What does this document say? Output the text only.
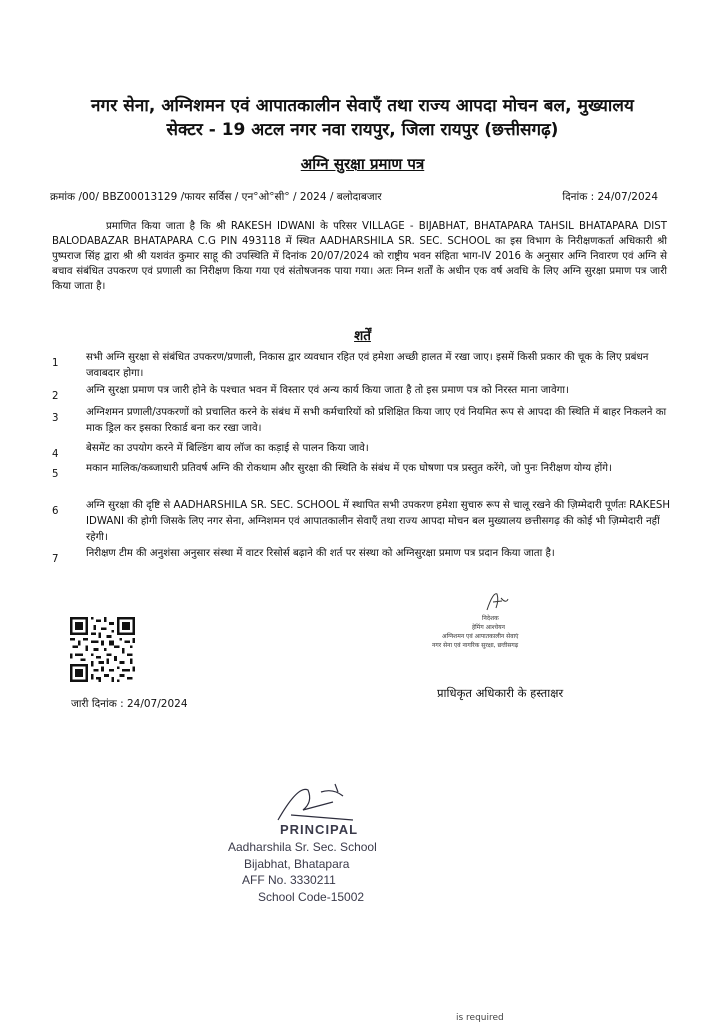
नगर सेना, अग्निशमन एवं आपातकालीन सेवाएँ तथा राज्य आपदा मोचन बल, मुख्यालय
सेक्टर - 19 अटल नगर नवा रायपुर, जिला रायपुर (छत्तीसगढ़)
अग्नि सुरक्षा प्रमाण पत्र
क्रमांक /00/ BBZ00013129 /फायर सर्विस / एन°ओ°सी° / 2024 / बलोदाबजार	दिनांक : 24/07/2024
प्रमाणित किया जाता है कि श्री RAKESH IDWANI के परिसर VILLAGE - BIJABHAT, BHATAPARA TAHSIL BHATAPARA DIST BALODABAZAR BHATAPARA C.G PIN 493118 में स्थित AADHARSHILA SR. SEC. SCHOOL का इस विभाग के निरीक्षणकर्ता अधिकारी श्री पुष्पराज सिंह द्वारा श्री श्री यशवंत कुमार साहू की उपस्थिति में दिनांक 20/07/2024 को राष्ट्रीय भवन संहिता भाग-IV 2016 के अनुसार अग्नि निवारण एवं अग्नि से बचाव संबंधित उपकरण एवं प्रणाली का निरीक्षण किया गया एवं संतोषजनक पाया गया। अतः निम्न शर्तों के अधीन एक वर्ष अवधि के लिए अग्नि सुरक्षा प्रमाण पत्र जारी किया जाता है।
शर्तें
1
सभी अग्नि सुरक्षा से संबंधित उपकरण/प्रणाली, निकास द्वार व्यवधान रहित एवं हमेशा अच्छी हालत में रखा जाए। इसमें किसी प्रकार की चूक के लिए प्रबंधन जवाबदार होगा।
2
अग्नि सुरक्षा प्रमाण पत्र जारी होने के पश्चात भवन में विस्तार एवं अन्य कार्य किया जाता है तो इस प्रमाण पत्र को निरस्त माना जावेगा।
3
अग्निशमन प्रणाली/उपकरणों को प्रचालित करने के संबंध में सभी कर्मचारियों को प्रशिक्षित किया जाए एवं नियमित रूप से आपदा की स्थिति में बाहर निकलने का माक ड्रिल कर इसका रिकार्ड बना कर रखा जावे।
4
बेसमेंट का उपयोग करने में बिल्डिंग बाय लॉज का कड़ाई से पालन किया जावे।
5
मकान मालिक/कब्जाधारी प्रतिवर्ष अग्नि की रोकथाम और सुरक्षा की स्थिति के संबंध में एक घोषणा पत्र प्रस्तुत करेंगे, जो पुनः निरीक्षण योग्य होंगे।
6
अग्नि सुरक्षा की दृष्टि से AADHARSHILA SR. SEC. SCHOOL में स्थापित सभी उपकरण हमेशा सुचारु रूप से चालू रखने की ज़िम्मेदारी पूर्णतः RAKESH IDWANI की होगी जिसके लिए नगर सेना, अग्निशमन एवं आपातकालीन सेवाएँ तथा राज्य आपदा मोचन बल मुख्यालय छत्तीसगढ़ की कोई भी ज़िम्मेदारी नहीं रहेगी।
7
निरीक्षण टीम की अनुशंसा अनुसार संस्था में वाटर रिसोर्स बढ़ाने की शर्त पर संस्था को अग्निसुरक्षा प्रमाण पत्र प्रदान किया जाता है।
जारी दिनांक : 24/07/2024
निदेशक
हेमिंग आश्चेयन
अग्निशमन एवं आपातकालीन सेवाएं
नगर सेना एवं नागरिक सुरक्षा, छत्तीसगढ़
प्राधिकृत अधिकारी के हस्ताक्षर
PRINCIPAL
Aadharshila Sr. Sec. School
Bijabhat, Bhatapara
AFF No. 3330211
School Code-15002
is required
